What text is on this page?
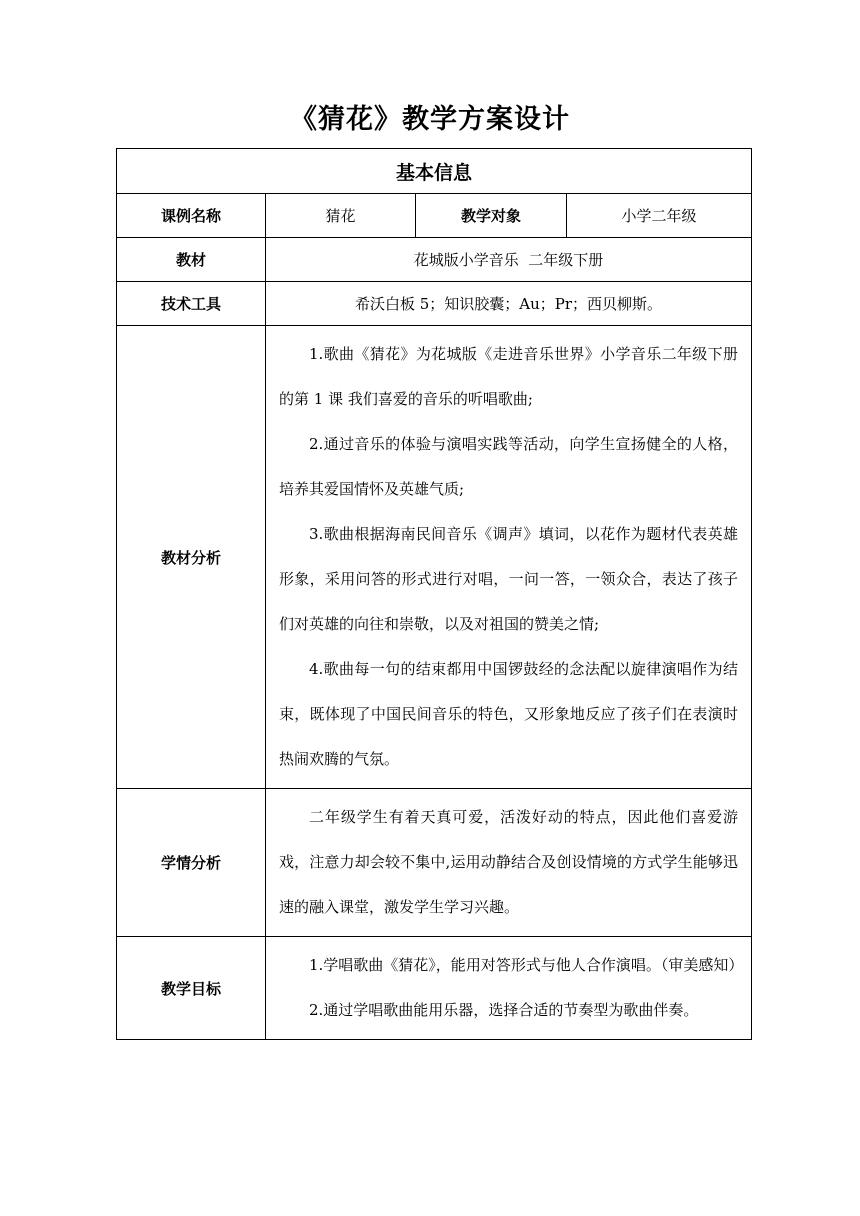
《猜花》教学方案设计
基本信息			
课例名称	猜花	教学对象	小学二年级
教材	花城版小学音乐  二年级下册		
技术工具	希沃白板 5；知识胶囊；Au；Pr；西贝柳斯。		
教材分析	1.歌曲《猜花》为花城版《走进音乐世界》小学音乐二年级下册的第 1 课 我们喜爱的音乐的听唱歌曲;

2.通过音乐的体验与演唱实践等活动，向学生宣扬健全的人格，培养其爱国情怀及英雄气质;

3.歌曲根据海南民间音乐《调声》填词，以花作为题材代表英雄形象，采用问答的形式进行对唱，一问一答，一领众合，表达了孩子们对英雄的向往和崇敬，以及对祖国的赞美之情;

4.歌曲每一句的结束都用中国锣鼓经的念法配以旋律演唱作为结束，既体现了中国民间音乐的特色，又形象地反应了孩子们在表演时热闹欢腾的气氛。		

学情分析	二年级学生有着天真可爱，活泼好动的特点，因此他们喜爱游戏，注意力却会较不集中,运用动静结合及创设情境的方式学生能够迅速的融入课堂，激发学生学习兴趣。		

教学目标	1.学唱歌曲《猜花》，能用对答形式与他人合作演唱。（审美感知）

2.通过学唱歌曲能用乐器，选择合适的节奏型为歌曲伴奏。		
